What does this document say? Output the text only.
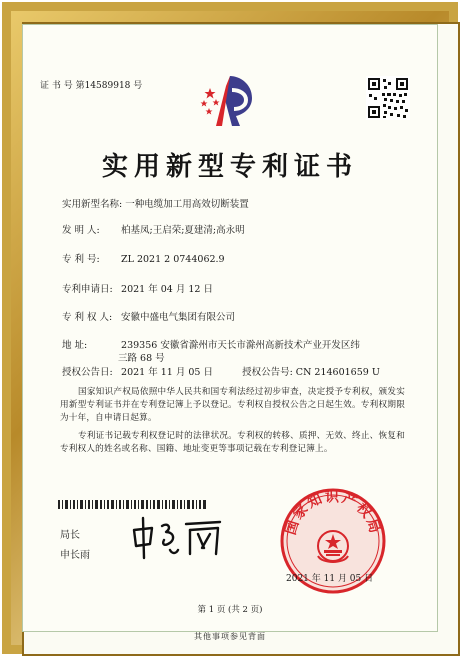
证 书 号 第14589918 号
实用新型专利证书
实用新型名称: 一种电缆加工用高效切断装置
发 明 人: 柏基凤;王启荣;夏建清;高永明
专 利 号: ZL 2021 2 0744062.9
专利申请日: 2021 年 04 月 12 日
专 利 权 人: 安徽中盛电气集团有限公司
地 址:	239356 安徽省滁州市天长市滁州高新技术产业开发区纬
三路 68 号
授权公告日: 2021 年 11 月 05 日	授权公告号: CN 214601659 U
国家知识产权局依照中华人民共和国专利法经过初步审查，决定授予专利权，颁发实用新型专利证书并在专利登记簿上予以登记。专利权自授权公告之日起生效。专利权期限为十年，自申请日起算。
专利证书记载专利权登记时的法律状况。专利权的转移、质押、无效、终止、恢复和专利权人的姓名或名称、国籍、地址变更等事项记载在专利登记簿上。
局长
申长雨
国家知识产权局
2021 年 11 月 05 日
第 1 页 (共 2 页)
其他事项参见背面
